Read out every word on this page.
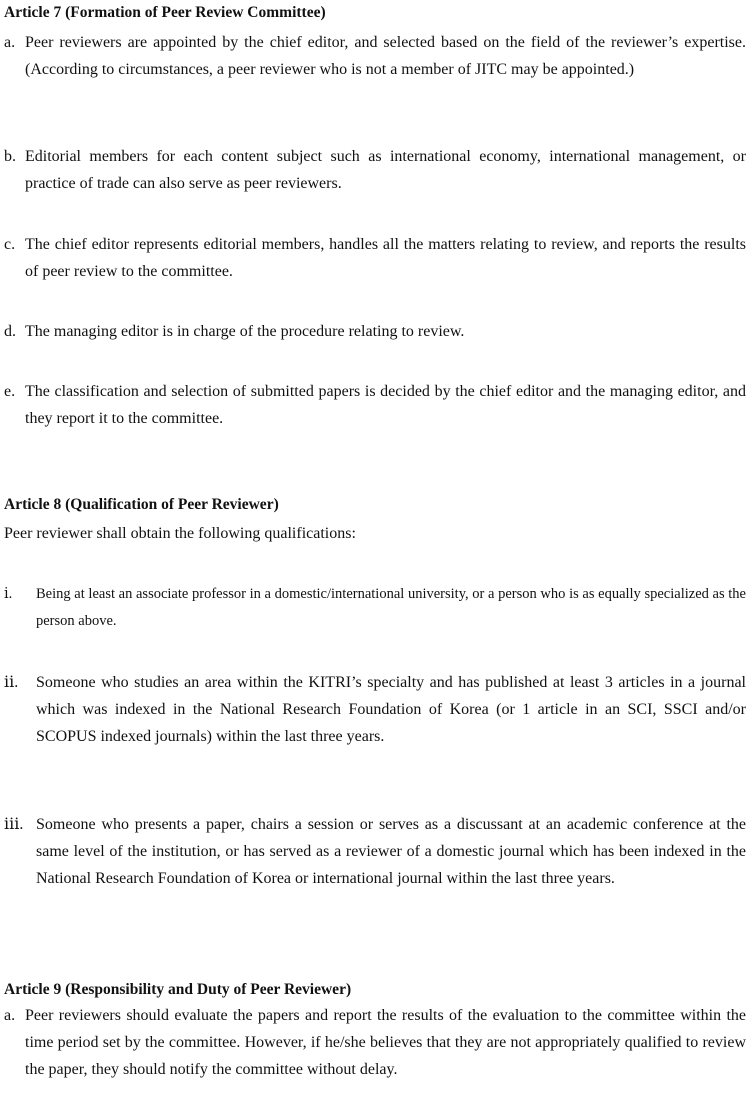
Article 7 (Formation of Peer Review Committee)
a. Peer reviewers are appointed by the chief editor, and selected based on the field of the reviewer’s expertise. (According to circumstances, a peer reviewer who is not a member of JITC may be appointed.)
b. Editorial members for each content subject such as international economy, international management, or practice of trade can also serve as peer reviewers.
c. The chief editor represents editorial members, handles all the matters relating to review, and reports the results of peer review to the committee.
d. The managing editor is in charge of the procedure relating to review.
e. The classification and selection of submitted papers is decided by the chief editor and the managing editor, and they report it to the committee.
Article 8 (Qualification of Peer Reviewer)
Peer reviewer shall obtain the following qualifications:
ⅰ.	Being at least an associate professor in a domestic/international university, or a person who is as equally specialized as the person above.
ⅱ.	Someone who studies an area within the KITRI’s specialty and has published at least 3 articles in a journal which was indexed in the National Research Foundation of Korea (or 1 article in an SCI, SSCI and/or SCOPUS indexed journals) within the last three years.
ⅲ. Someone who presents a paper, chairs a session or serves as a discussant at an academic conference at the same level of the institution, or has served as a reviewer of a domestic journal which has been indexed in the National Research Foundation of Korea or international journal within the last three years.
Article 9 (Responsibility and Duty of Peer Reviewer)
a. Peer reviewers should evaluate the papers and report the results of the evaluation to the committee within the time period set by the committee. However, if he/she believes that they are not appropriately qualified to review the paper, they should notify the committee without delay.
